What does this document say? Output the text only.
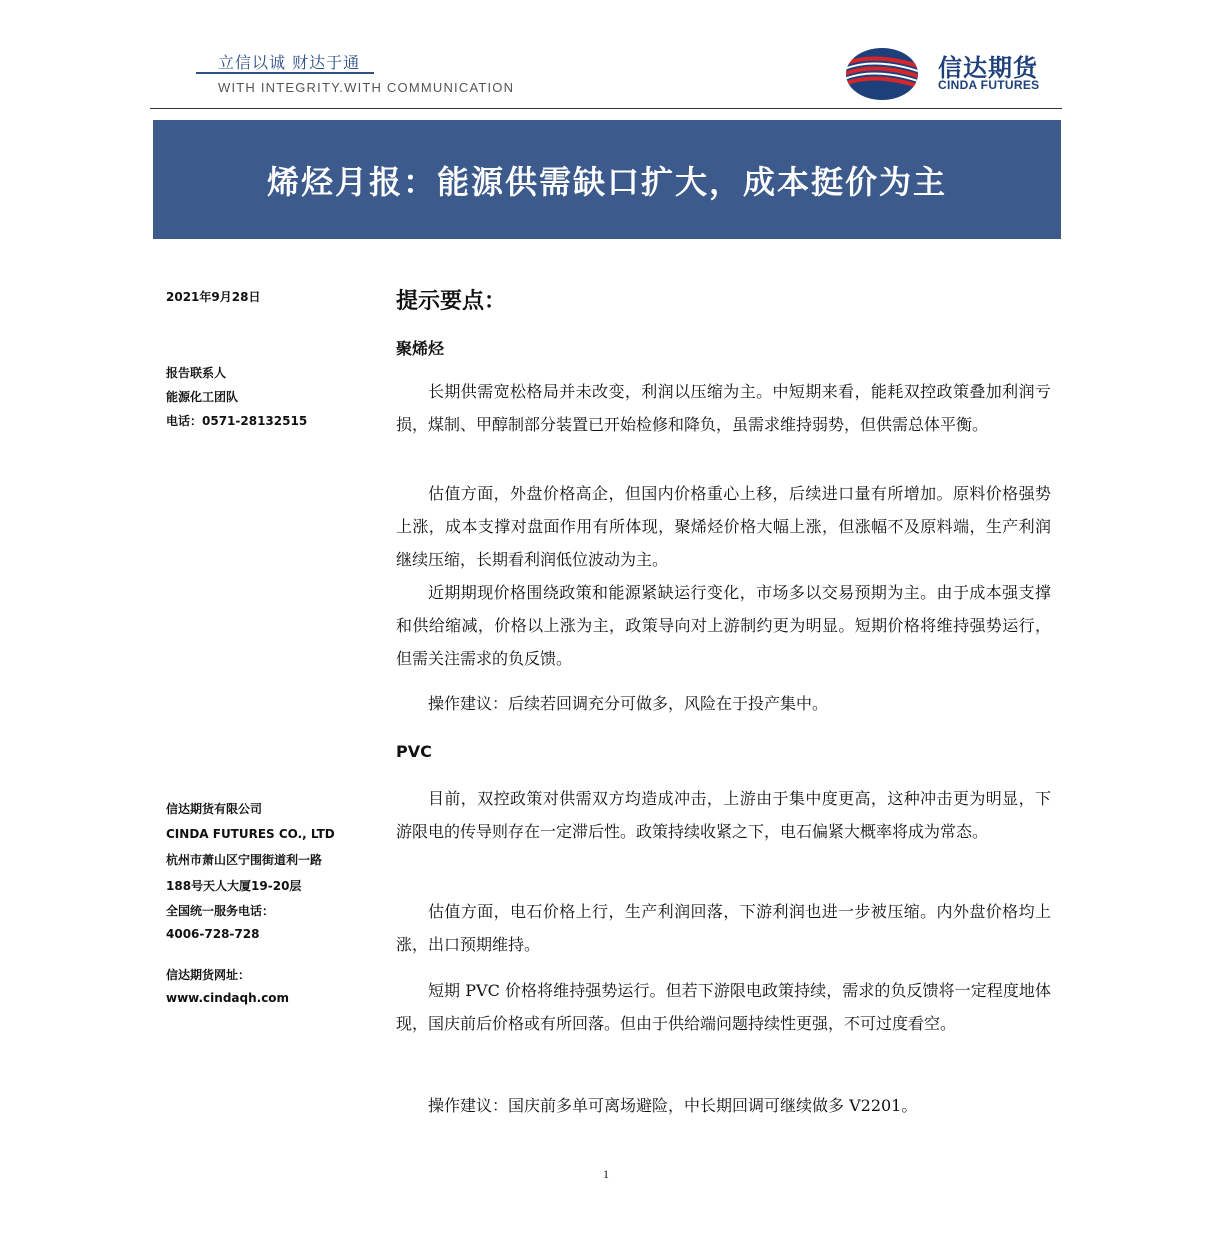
立信以诚 财达于通
WITH INTEGRITY.WITH COMMUNICATION
信达期货
CINDA FUTURES
烯烃月报：能源供需缺口扩大，成本挺价为主
2021年9月28日
报告联系人
能源化工团队
电话：0571-28132515
信达期货有限公司
CINDA FUTURES CO., LTD
杭州市萧山区宁围街道利一路
188号天人大厦19-20层
全国统一服务电话：
4006-728-728
信达期货网址：
www.cindaqh.com
提示要点：
聚烯烃

长期供需宽松格局并未改变，利润以压缩为主。中短期来看，能耗双控政策叠加利润亏损，煤制、甲醇制部分装置已开始检修和降负，虽需求维持弱势，但供需总体平衡。

估值方面，外盘价格高企，但国内价格重心上移，后续进口量有所增加。原料价格强势上涨，成本支撑对盘面作用有所体现，聚烯烃价格大幅上涨，但涨幅不及原料端，生产利润继续压缩，长期看利润低位波动为主。

近期期现价格围绕政策和能源紧缺运行变化，市场多以交易预期为主。由于成本强支撑和供给缩减，价格以上涨为主，政策导向对上游制约更为明显。短期价格将维持强势运行，但需关注需求的负反馈。

操作建议：后续若回调充分可做多，风险在于投产集中。

PVC

目前，双控政策对供需双方均造成冲击，上游由于集中度更高，这种冲击更为明显，下游限电的传导则存在一定滞后性。政策持续收紧之下，电石偏紧大概率将成为常态。

估值方面，电石价格上行，生产利润回落，下游利润也进一步被压缩。内外盘价格均上涨，出口预期维持。

短期 PVC 价格将维持强势运行。但若下游限电政策持续，需求的负反馈将一定程度地体现，国庆前后价格或有所回落。但由于供给端问题持续性更强，不可过度看空。

操作建议：国庆前多单可离场避险，中长期回调可继续做多 V2201。

1
